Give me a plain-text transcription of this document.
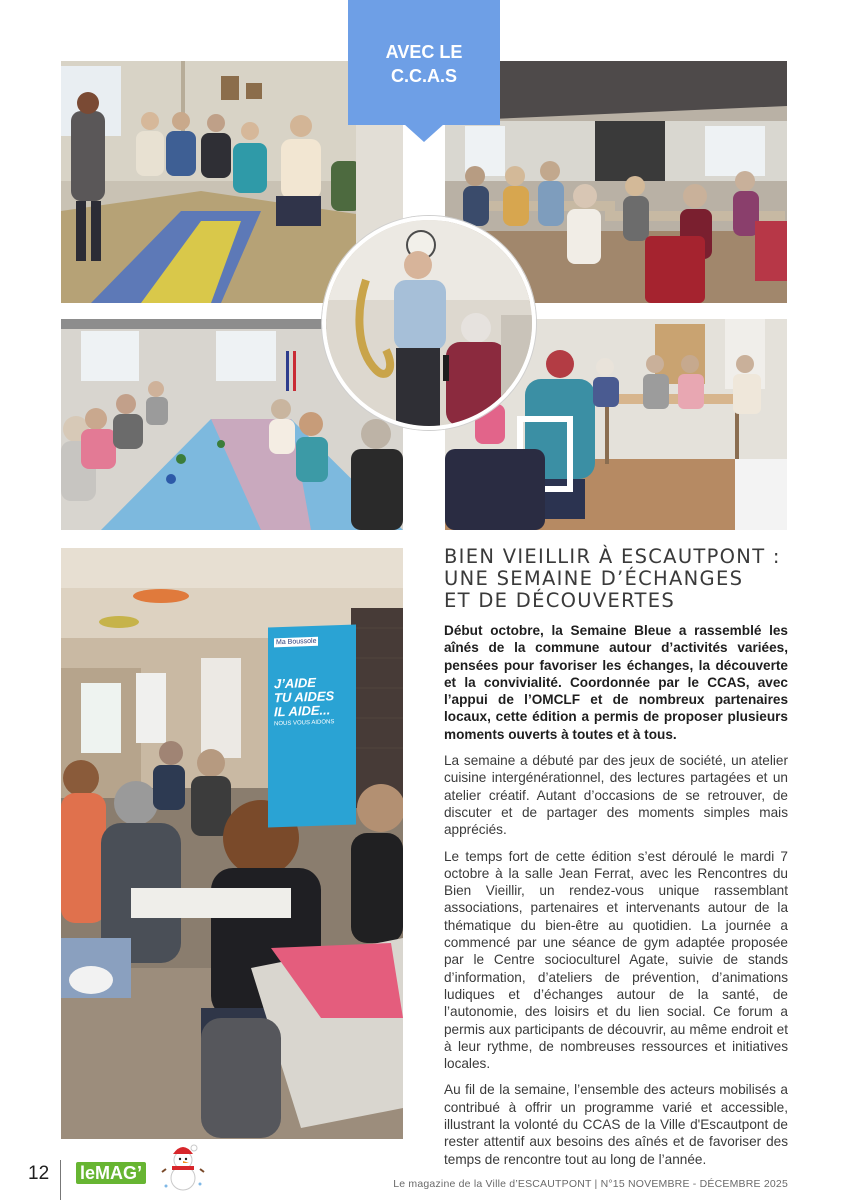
AVEC LE
C.C.A.S
Ma Boussole
J’AIDE
TU AIDES
IL AIDE...
NOUS VOUS AIDONS
BIEN VIEILLIR À ESCAUTPONT :
UNE SEMAINE D’ÉCHANGES
ET DE DÉCOUVERTES

Début octobre, la Semaine Bleue a rassemblé les aînés de la commune autour d’activités variées, pensées pour favoriser les échanges, la découverte et la convivialité. Coordonnée par le CCAS, avec l’appui de l’OMCLF et de nombreux partenaires locaux, cette édition a permis de proposer plusieurs moments ouverts à toutes et à tous.

La semaine a débuté par des jeux de société, un atelier cuisine intergénérationnel, des lectures partagées et un atelier créatif. Autant d’occasions de se retrouver, de discuter et de partager des moments simples mais appréciés.

Le temps fort de cette édition s’est déroulé le mardi 7 octobre à la salle Jean Ferrat, avec les Rencontres du Bien Vieillir, un rendez-vous unique rassemblant associations, partenaires et intervenants autour de la thématique du bien-être au quotidien. La journée a commencé par une séance de gym adaptée proposée par le Centre socioculturel Agate, suivie de stands d’information, d’ateliers de prévention, d’animations ludiques et d’échanges autour de la santé, de l’autonomie, des loisirs et du lien social. Ce forum a permis aux participants de découvrir, au même endroit et à leur rythme, de nombreuses ressources et initiatives locales.

Au fil de la semaine, l’ensemble des acteurs mobilisés a contribué à offrir un programme varié et accessible, illustrant la volonté du CCAS de la Ville d'Escautpont de rester attentif aux besoins des aînés et de favoriser des temps de rencontre tout au long de l’année.

12 leMAG’
Le magazine de la Ville d’ESCAUTPONT | N°15 NOVEMBRE - DÉCEMBRE 2025
